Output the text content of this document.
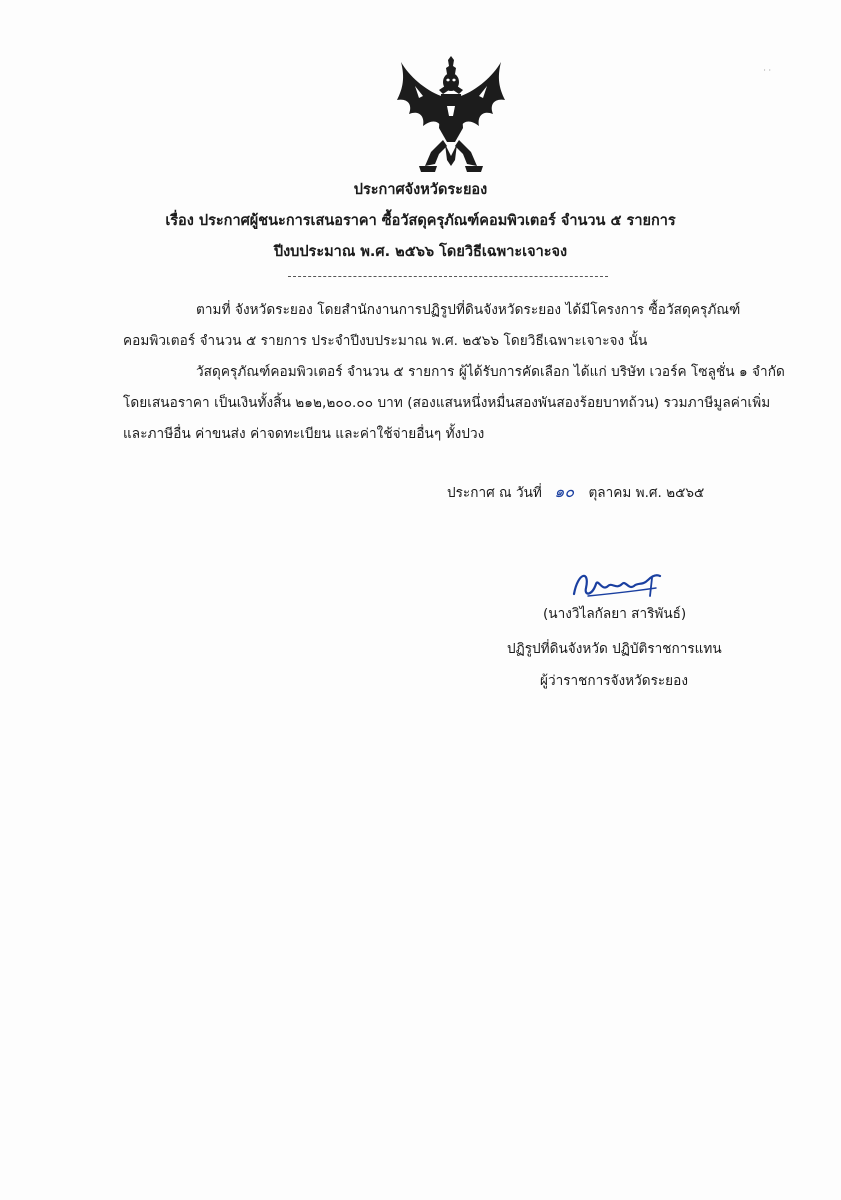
· ·
ประกาศจังหวัดระยอง
เรื่อง ประกาศผู้ชนะการเสนอราคา ซื้อวัสดุครุภัณฑ์คอมพิวเตอร์ จำนวน ๕ รายการ
ปีงบประมาณ พ.ศ. ๒๕๖๖ โดยวิธีเฉพาะเจาะจง
ตามที่ จังหวัดระยอง โดยสำนักงานการปฏิรูปที่ดินจังหวัดระยอง ได้มีโครงการ ซื้อวัสดุครุภัณฑ์
คอมพิวเตอร์ จำนวน ๕ รายการ ประจำปีงบประมาณ พ.ศ. ๒๕๖๖ โดยวิธีเฉพาะเจาะจง นั้น
วัสดุครุภัณฑ์คอมพิวเตอร์ จำนวน ๕ รายการ ผู้ได้รับการคัดเลือก ได้แก่ บริษัท เวอร์ค โซลูชั่น ๑ จำกัด
โดยเสนอราคา เป็นเงินทั้งสิ้น ๒๑๒,๒๐๐.๐๐ บาท (สองแสนหนึ่งหมื่นสองพันสองร้อยบาทถ้วน) รวมภาษีมูลค่าเพิ่ม
และภาษีอื่น ค่าขนส่ง ค่าจดทะเบียน และค่าใช้จ่ายอื่นๆ ทั้งปวง
ประกาศ ณ วันที่ ๑๐ ตุลาคม พ.ศ. ๒๕๖๕
(นางวิไลกัลยา สาริพันธ์)
ปฏิรูปที่ดินจังหวัด ปฏิบัติราชการแทน
ผู้ว่าราชการจังหวัดระยอง
